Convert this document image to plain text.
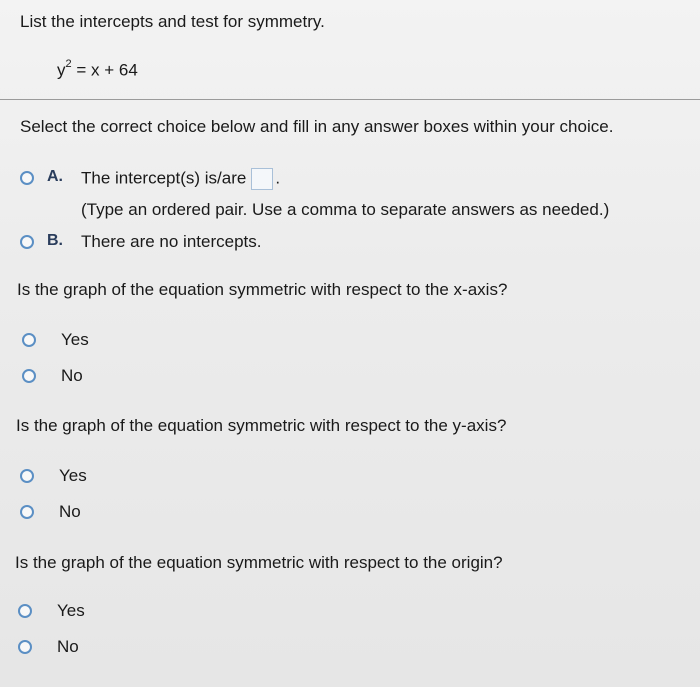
List the intercepts and test for symmetry.
$y^2 = x + 64$
Select the correct choice below and fill in any answer boxes within your choice.
A. The intercept(s) is/are .
(Type an ordered pair. Use a comma to separate answers as needed.)
B. There are no intercepts.
Is the graph of the equation symmetric with respect to the x-axis?
Yes
No
Is the graph of the equation symmetric with respect to the y-axis?
Yes
No
Is the graph of the equation symmetric with respect to the origin?
Yes
No
